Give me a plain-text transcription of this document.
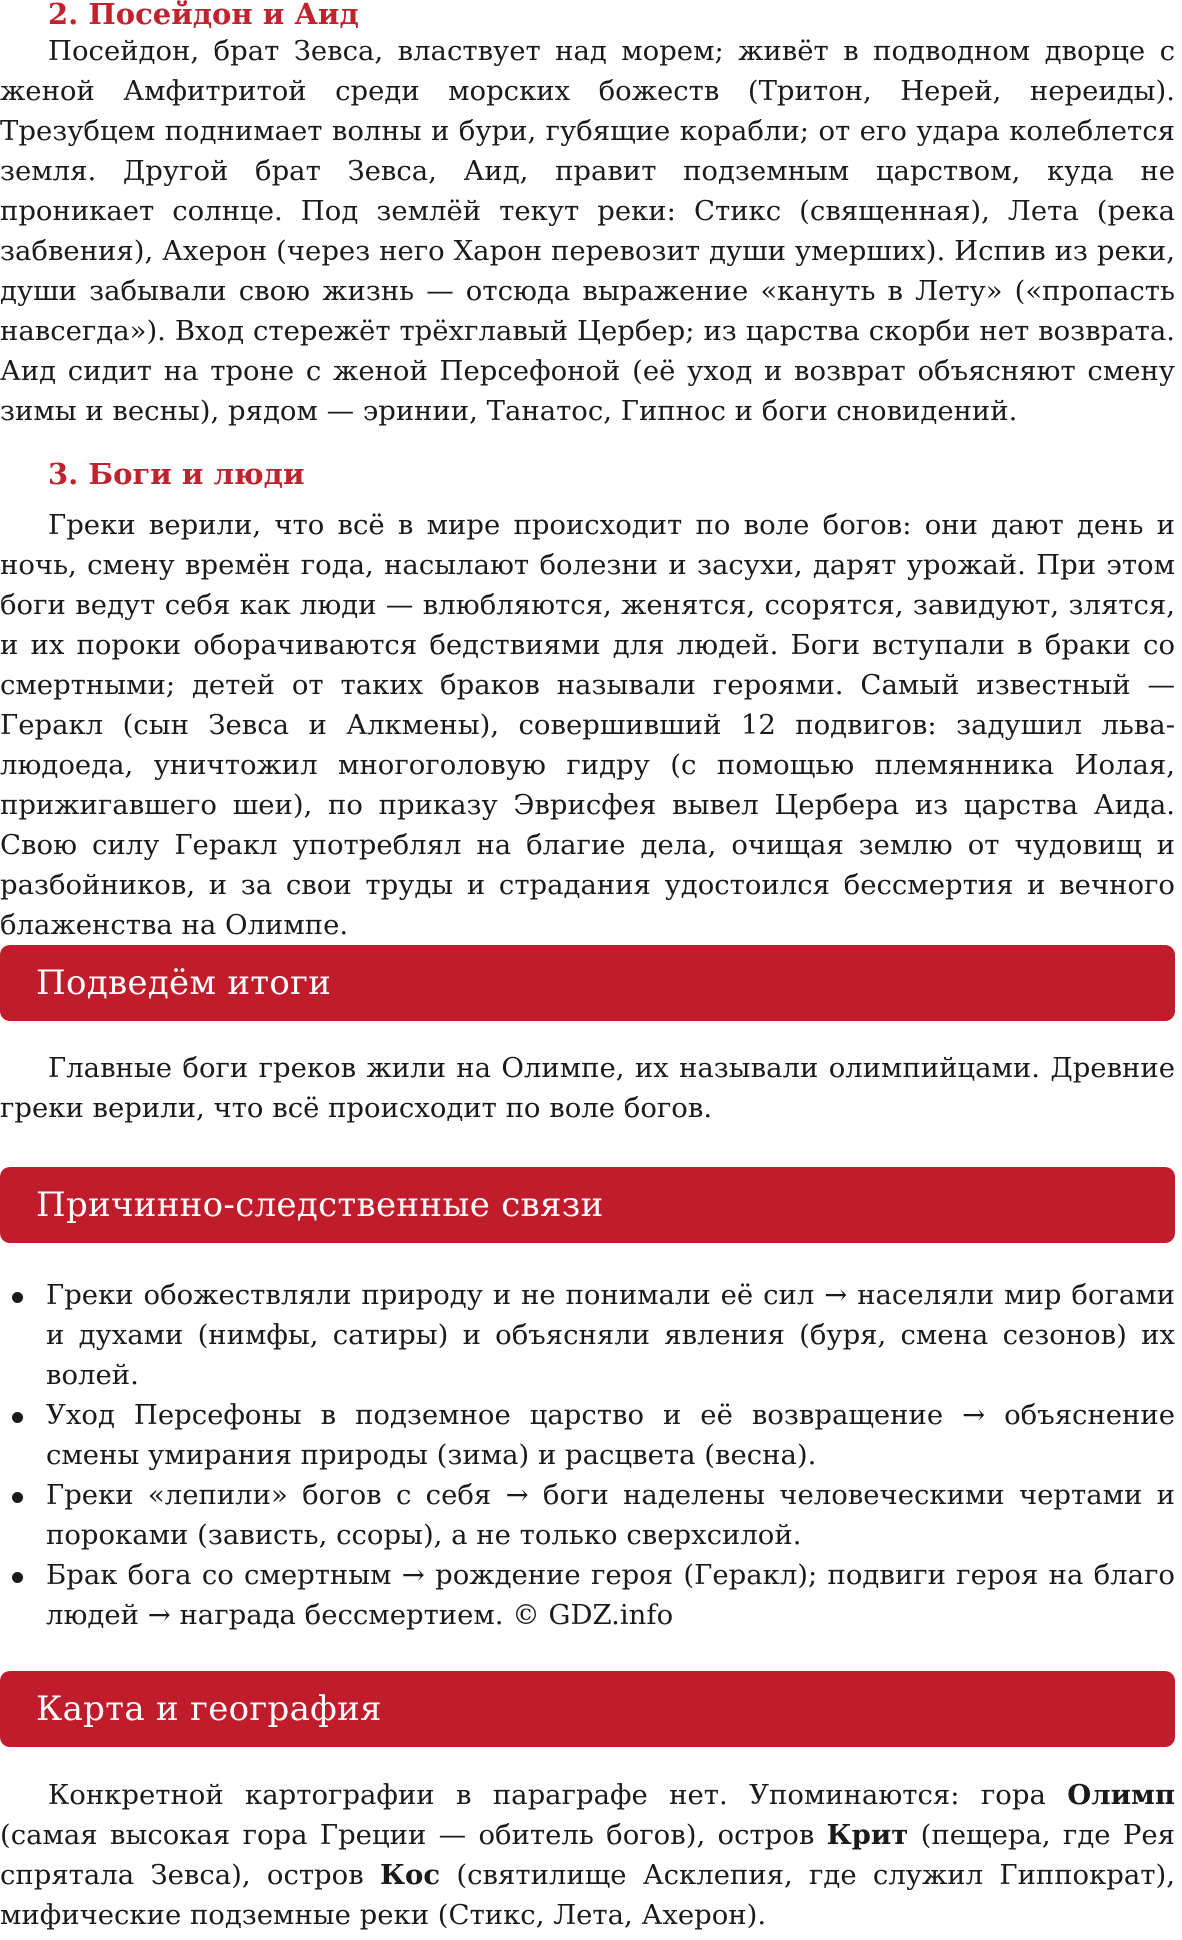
2. Посейдон и Аид

Посейдон, брат Зевса, властвует над морем; живёт в подводном дворце с женой Амфитритой среди морских божеств (Тритон, Нерей, нереиды). Трезубцем поднимает волны и бури, губящие корабли; от его удара колеблется земля. Другой брат Зевса, Аид, правит подземным царством, куда не проникает солнце. Под землёй текут реки: Стикс (священная), Лета (река забвения), Ахерон (через него Харон перевозит души умерших). Испив из реки, души забывали свою жизнь — отсюда выражение «кануть в Лету» («пропасть навсегда»). Вход стережёт трёхглавый Цербер; из царства скорби нет возврата. Аид сидит на троне с женой Персефоной (её уход и возврат объясняют смену зимы и весны), рядом — эринии, Танатос, Гипнос и боги сновидений.

3. Боги и люди

Греки верили, что всё в мире происходит по воле богов: они дают день и ночь, смену времён года, насылают болезни и засухи, дарят урожай. При этом боги ведут себя как люди — влюбляются, женятся, ссорятся, завидуют, злятся, и их пороки оборачиваются бедствиями для людей. Боги вступали в браки со смертными; детей от таких браков называли героями. Самый известный — Геракл (сын Зевса и Алкмены), совершивший 12 подвигов: задушил льва-людоеда, уничтожил многоголовую гидру (с помощью племянника Иолая, прижигавшего шеи), по приказу Эврисфея вывел Цербера из царства Аида. Свою силу Геракл употреблял на благие дела, очищая землю от чудовищ и разбойников, и за свои труды и страдания удостоился бессмертия и вечного блаженства на Олимпе.

Подведём итоги

Главные боги греков жили на Олимпе, их называли олимпийцами. Древние греки верили, что всё происходит по воле богов.

Причинно-следственные связи
Греки обожествляли природу и не понимали её сил → населяли мир богами и духами (нимфы, сатиры) и объясняли явления (буря, смена сезонов) их волей.
Уход Персефоны в подземное царство и её возвращение → объяснение смены умирания природы (зима) и расцвета (весна).
Греки «лепили» богов с себя → боги наделены человеческими чертами и пороками (зависть, ссоры), а не только сверхсилой.
Брак бога со смертным → рождение героя (Геракл); подвиги героя на благо людей → награда бессмертием. © GDZ.info
Карта и география

Конкретной картографии в параграфе нет. Упоминаются: гора Олимп (самая высокая гора Греции — обитель богов), остров Крит (пещера, где Рея спрятала Зевса), остров Кос (святилище Асклепия, где служил Гиппократ), мифические подземные реки (Стикс, Лета, Ахерон).
